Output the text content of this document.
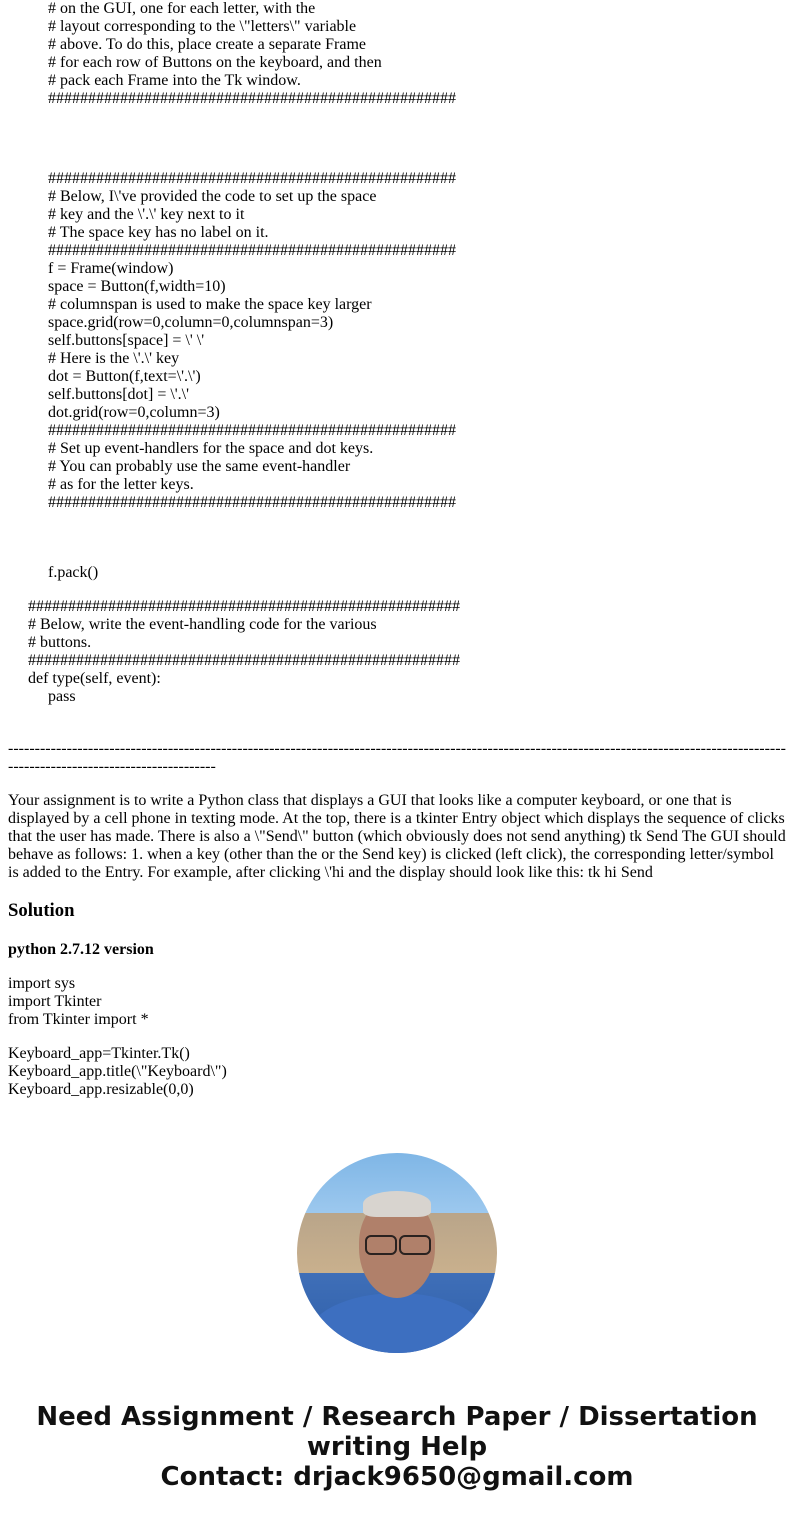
# on the GUI, one for each letter, with the
# layout corresponding to the \"letters\" variable
# above. To do this, place create a separate Frame
# for each row of Buttons on the keyboard, and then
# pack each Frame into the Tk window.
###################################################
###################################################
# Below, I\'ve provided the code to set up the space
# key and the \'.\' key next to it
# The space key has no label on it.
###################################################
f = Frame(window)
space = Button(f,width=10)
# columnspan is used to make the space key larger
space.grid(row=0,column=0,columnspan=3)
self.buttons[space] = \' \'
# Here is the \'.\' key
dot = Button(f,text=\'.\')
self.buttons[dot] = \'.\'
dot.grid(row=0,column=3)
###################################################
# Set up event-handlers for the space and dot keys.
# You can probably use the same event-handler
# as for the letter keys.
###################################################
f.pack()
######################################################
# Below, write the event-handling code for the various
# buttons.
######################################################
def type(self, event):
pass
-----------------------------------------------------------------------------------------------------------------------------------------------------------------------------------------
Your assignment is to write a Python class that displays a GUI that looks like a computer keyboard, or one that is displayed by a cell phone in texting mode. At the top, there is a tkinter Entry object which displays the sequence of clicks that the user has made. There is also a \"Send\" button (which obviously does not send anything) tk Send The GUI should behave as follows: 1. when a key (other than the or the Send key) is clicked (left click), the corresponding letter/symbol is added to the Entry. For example, after clicking \'hi and the display should look like this: tk hi Send
Solution
python 2.7.12 version
import sys
import Tkinter
from Tkinter import *
Keyboard_app=Tkinter.Tk()
Keyboard_app.title(\"Keyboard\")
Keyboard_app.resizable(0,0)
Need Assignment / Research Paper / Dissertation
writing Help
Contact: drjack9650@gmail.com
